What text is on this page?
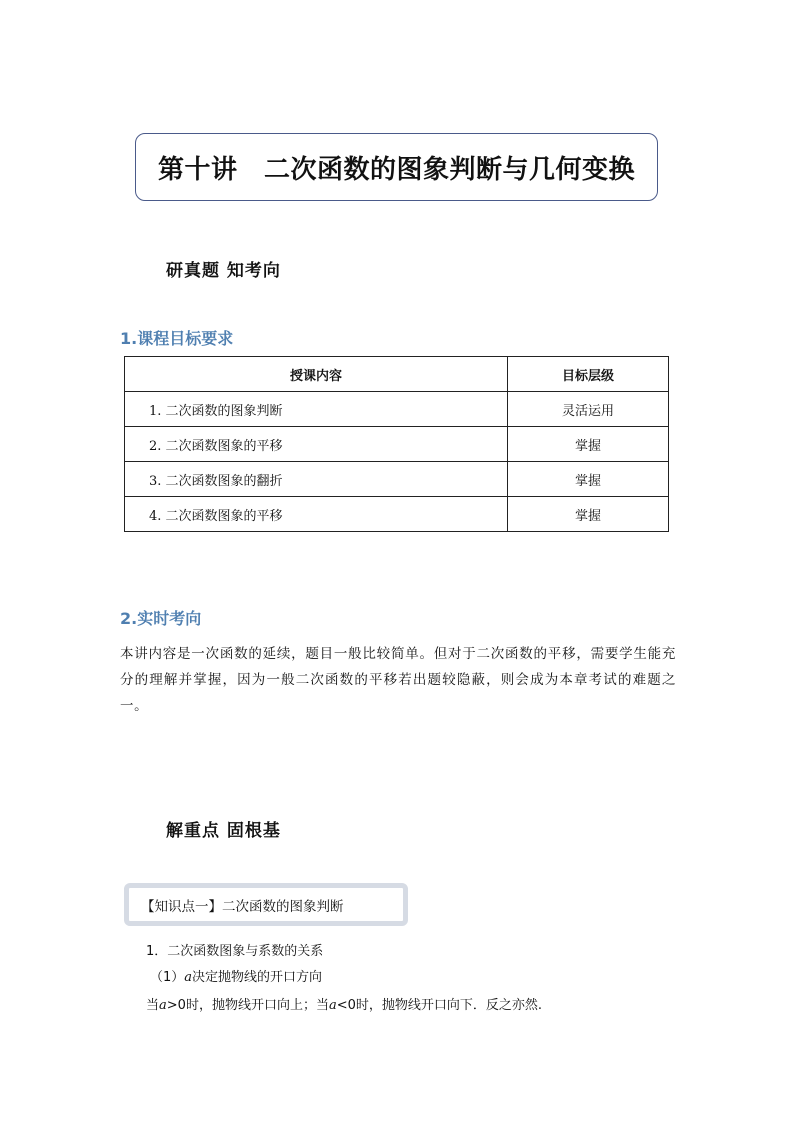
第十讲　二次函数的图象判断与几何变换
研真题 知考向
1.课程目标要求
授课内容	目标层级
1. 二次函数的图象判断	灵活运用
2. 二次函数图象的平移	掌握
3. 二次函数图象的翻折	掌握
4. 二次函数图象的平移	掌握
2.实时考向
本讲内容是一次函数的延续，题目一般比较简单。但对于二次函数的平移，需要学生能充分的理解并掌握，因为一般二次函数的平移若出题较隐蔽，则会成为本章考试的难题之一。
解重点 固根基
【知识点一】二次函数的图象判断
1．二次函数图象与系数的关系
（1）a决定抛物线的开口方向
当a>0时，抛物线开口向上；当a<0时，抛物线开口向下．反之亦然.
